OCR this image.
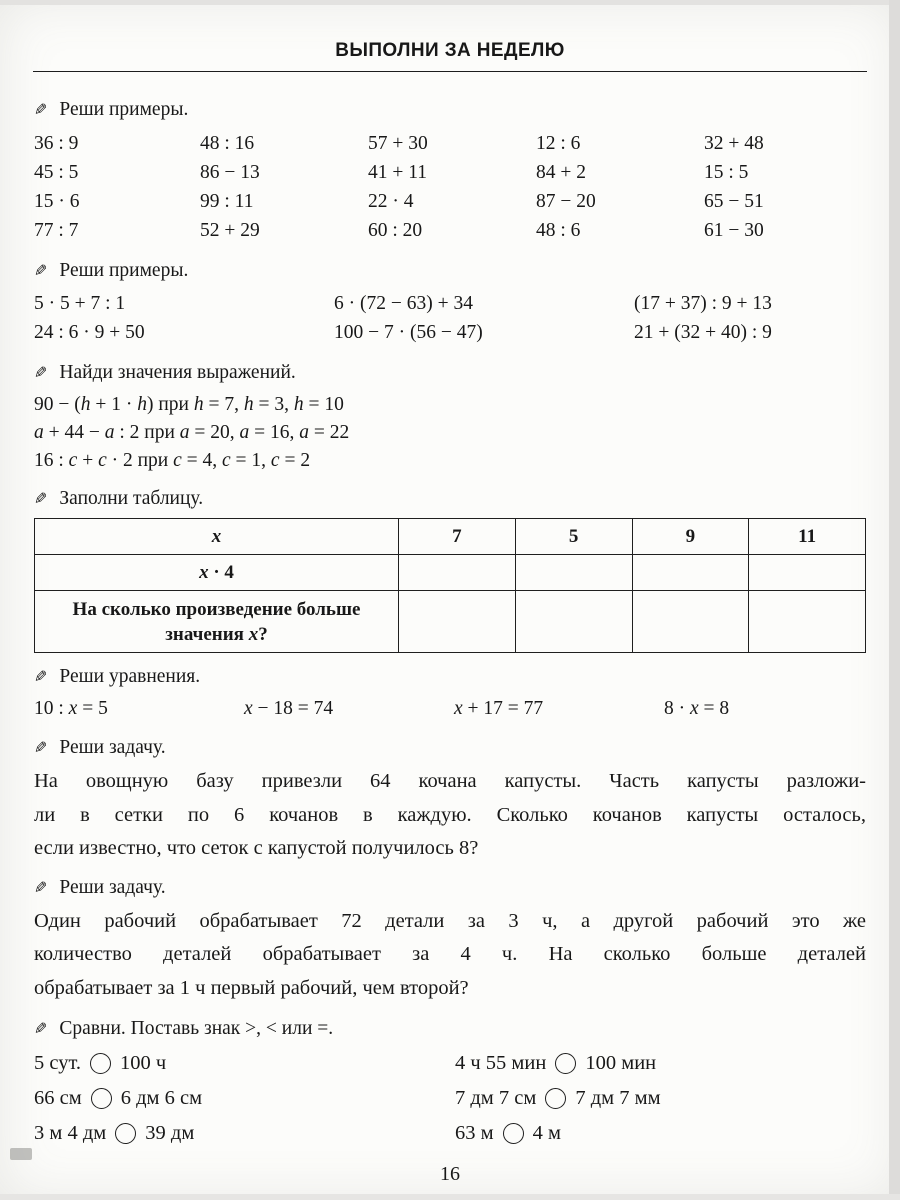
ВЫПОЛНИ ЗА НЕДЕЛЮ
✎ Реши примеры.
36 : 9	48 : 16	57 + 30	12 : 6	32 + 48
45 : 5	86 − 13	41 + 11	84 + 2	15 : 5
15 · 6	99 : 11	22 · 4	87 − 20	65 − 51
77 : 7	52 + 29	60 : 20	48 : 6	61 − 30
✎ Реши примеры.
5 · 5 + 7 : 1	6 · (72 − 63) + 34	(17 + 37) : 9 + 13
24 : 6 · 9 + 50	100 − 7 · (56 − 47)	21 + (32 + 40) : 9
✎ Найди значения выражений.
90 − (h + 1 · h) при h = 7, h = 3, h = 10
a + 44 − a : 2 при a = 20, a = 16, a = 22
16 : c + c · 2 при c = 4, c = 1, c = 2
✎ Заполни таблицу.
x	7	5	9	11
x · 4				
На сколько произведение больше значения x?				
✎ Реши уравнения.
10 : x = 5	x − 18 = 74	x + 17 = 77	8 · x = 8
✎ Реши задачу.
На овощную базу привезли 64 кочана капусты. Часть капусты разложи-
ли в сетки по 6 кочанов в каждую. Сколько кочанов капусты осталось,
если известно, что сеток с капустой получилось 8?
✎ Реши задачу.
Один рабочий обрабатывает 72 детали за 3 ч, а другой рабочий это же
количество деталей обрабатывает за 4 ч. На сколько больше деталей
обрабатывает за 1 ч первый рабочий, чем второй?
✎ Сравни. Поставь знак >, < или =.
5 сут. 100 ч
66 см 6 дм 6 см
3 м 4 дм 39 дм
4 ч 55 мин 100 мин
7 дм 7 см 7 дм 7 мм
63 м 4 м
16
